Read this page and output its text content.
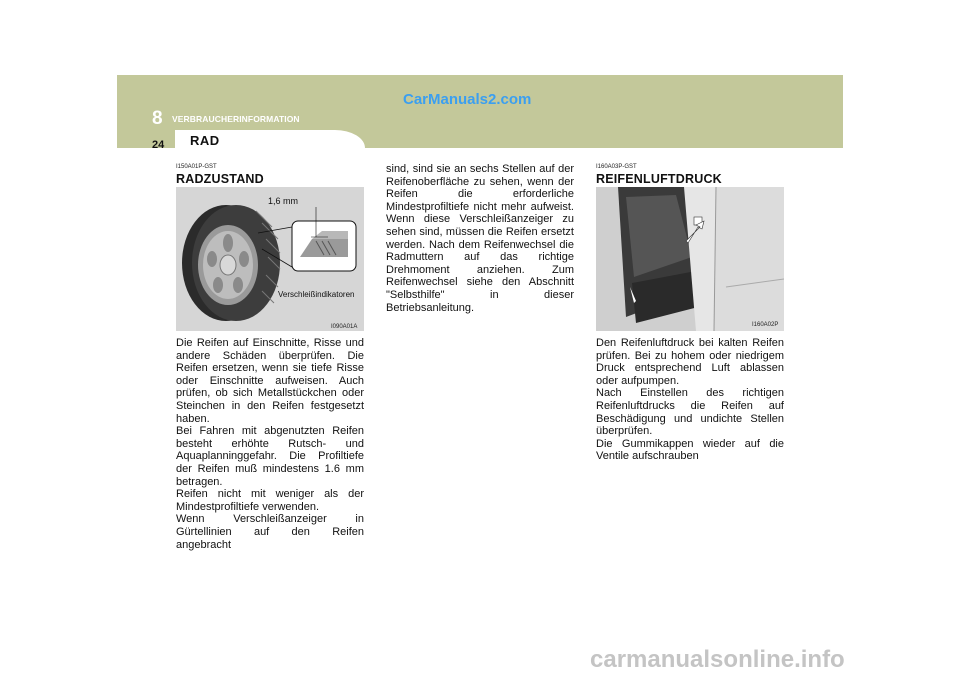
8 VERBRAUCHERINFORMATION
24 RAD
CarManuals2.com
I150A01P-GST
RADZUSTAND
1,6 mm
Verschleißindikatoren
I090A01A
Die Reifen auf Einschnitte, Risse und andere Schäden überprüfen. Die Reifen ersetzen, wenn sie tiefe Risse oder Einschnitte aufweisen. Auch prüfen, ob sich Metallstückchen oder Steinchen in den Reifen festgesetzt haben.
Bei Fahren mit abgenutzten Reifen besteht erhöhte Rutsch- und Aquaplanninggefahr. Die Profiltiefe der Reifen muß mindestens 1.6 mm betragen.
Reifen nicht mit weniger als der Mindestprofiltiefe verwenden.
Wenn Verschleißanzeiger in Gürtellinien auf den Reifen angebracht
sind, sind sie an sechs Stellen auf der Reifenoberfläche zu sehen, wenn der Reifen die erforderliche Mindestprofiltiefe nicht mehr aufweist. Wenn diese Verschleißanzeiger zu sehen sind, müssen die Reifen ersetzt werden. Nach dem Reifenwechsel die Radmuttern auf das richtige Drehmoment anziehen. Zum Reifenwechsel siehe den Abschnitt "Selbsthilfe" in dieser Betriebsanleitung.
I160A03P-GST
REIFENLUFTDRUCK
I160A02P
Den Reifenluftdruck bei kalten Reifen prüfen. Bei zu hohem oder niedrigem Druck entsprechend Luft ablassen oder aufpumpen.
Nach Einstellen des richtigen Reifenluftdrucks die Reifen auf Beschädigung und undichte Stellen überprüfen.
Die Gummikappen wieder auf die Ventile aufschrauben
carmanualsonline.info
